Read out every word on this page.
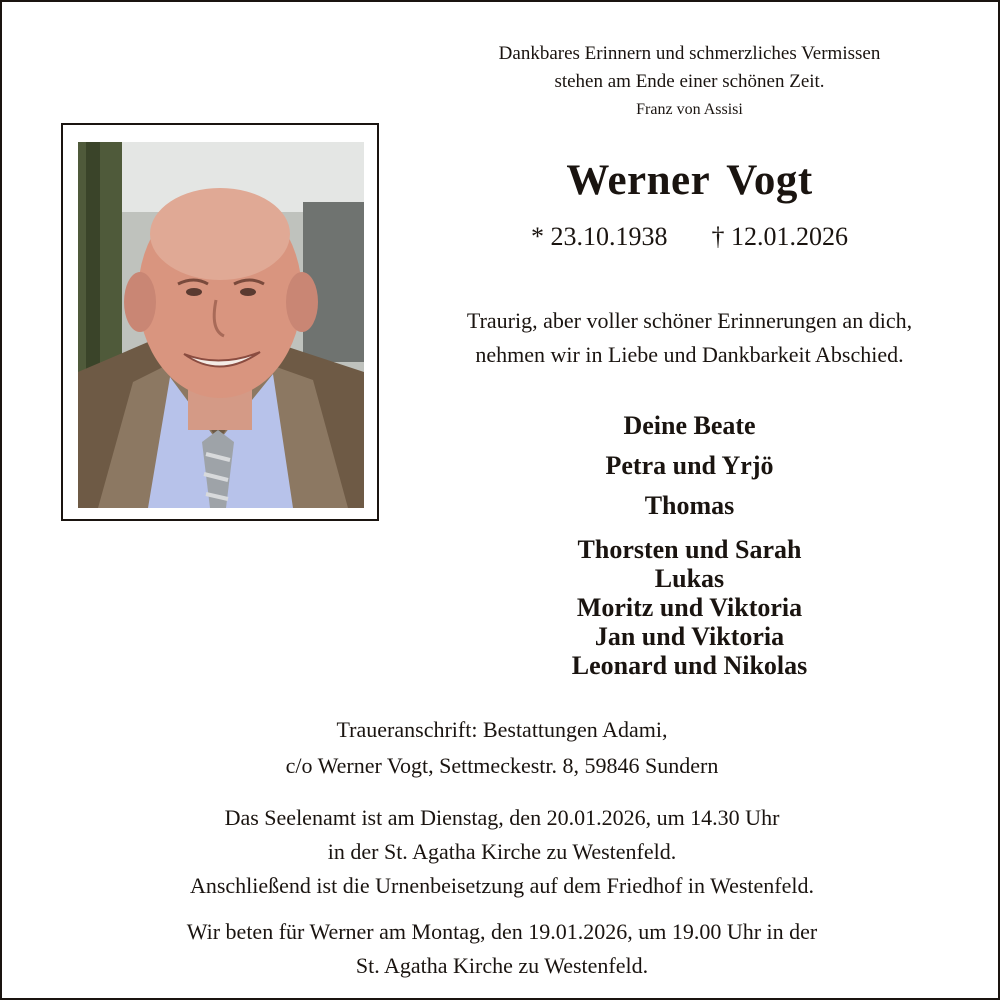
Dankbares Erinnern und schmerzliches Vermissen
stehen am Ende einer schönen Zeit.
Franz von Assisi
Werner Vogt
* 23.10.1938 † 12.01.2026
Traurig, aber voller schöner Erinnerungen an dich,
nehmen wir in Liebe und Dankbarkeit Abschied.
Deine Beate
Petra und Yrjö
Thomas
Thorsten und Sarah
Lukas
Moritz und Viktoria
Jan und Viktoria
Leonard und Nikolas
Traueranschrift: Bestattungen Adami,
c/o Werner Vogt, Settmeckestr. 8, 59846 Sundern
Das Seelenamt ist am Dienstag, den 20.01.2026, um 14.30 Uhr
in der St. Agatha Kirche zu Westenfeld.
Anschließend ist die Urnenbeisetzung auf dem Friedhof in Westenfeld.
Wir beten für Werner am Montag, den 19.01.2026, um 19.00 Uhr in der
St. Agatha Kirche zu Westenfeld.
